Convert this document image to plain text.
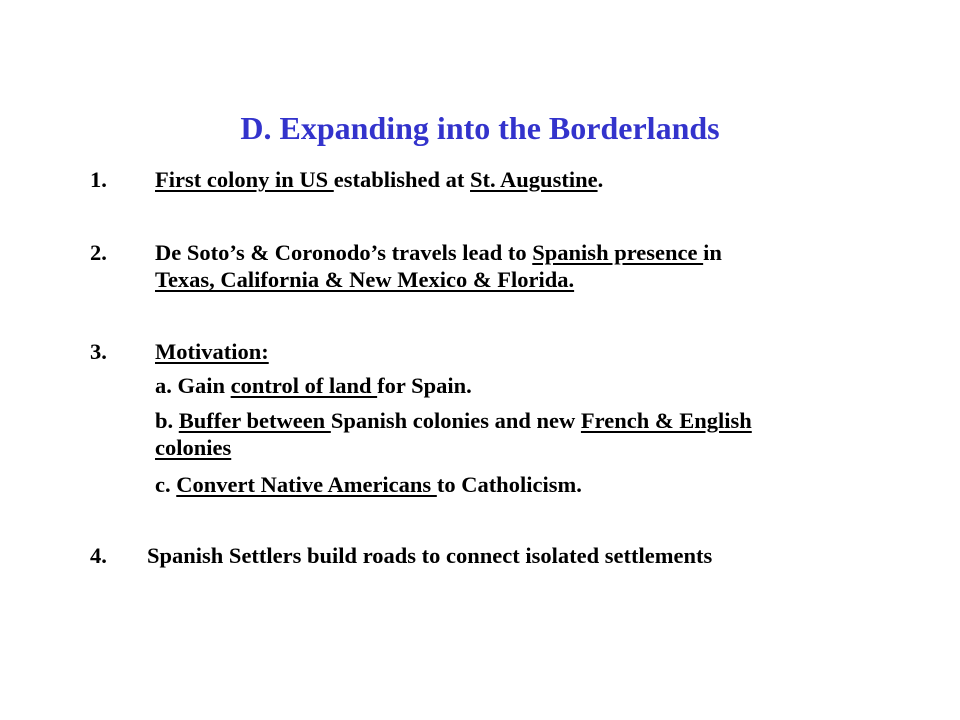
D. Expanding into the Borderlands
1. First colony in US established at St. Augustine.
2. De Soto’s & Coronodo’s travels lead to Spanish presence in
Texas, California & New Mexico & Florida.
3. Motivation:
a. Gain control of land for Spain.
b. Buffer between Spanish colonies and new French & English
colonies
c. Convert Native Americans to Catholicism.
4. Spanish Settlers build roads to connect isolated settlements
